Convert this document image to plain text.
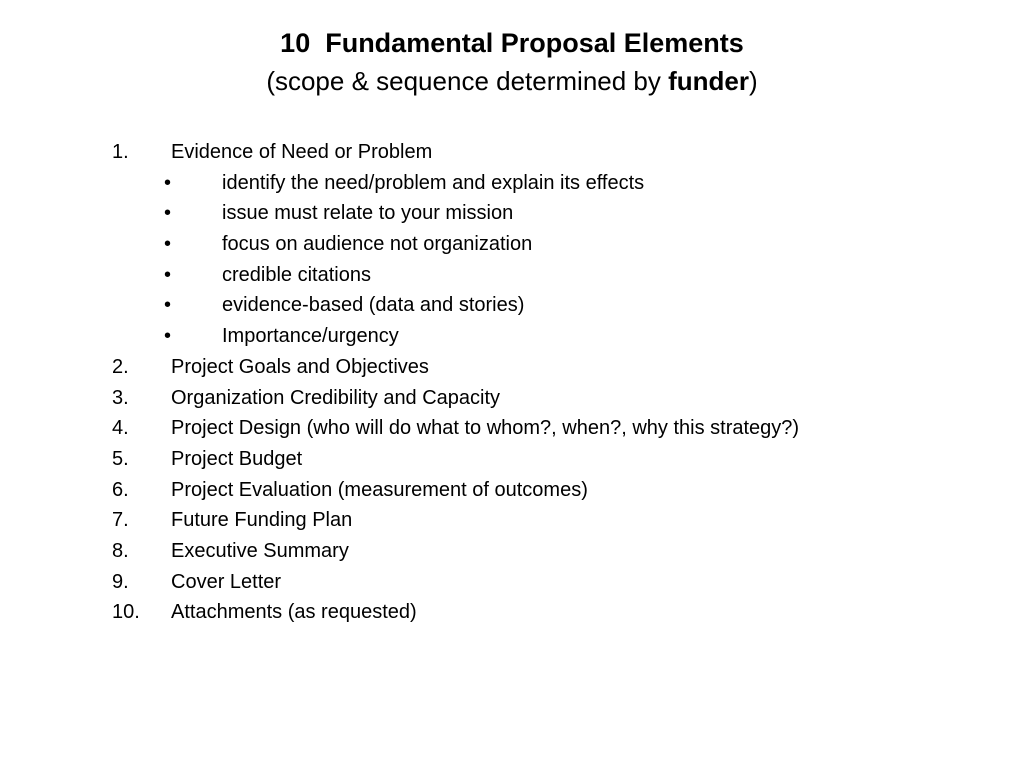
10  Fundamental Proposal Elements
(scope & sequence determined by funder)
1. Evidence of Need or Problem
•	identify the need/problem and explain its effects
•	issue must relate to your mission
•	focus on audience not organization
•	credible citations
•	evidence-based (data and stories)
•	Importance/urgency
2. Project Goals and Objectives
3. Organization Credibility and Capacity
4. Project Design (who will do what to whom?, when?, why this strategy?)
5. Project Budget
6. Project Evaluation (measurement of outcomes)
7. Future Funding Plan
8. Executive Summary
9. Cover Letter
10. Attachments (as requested)
